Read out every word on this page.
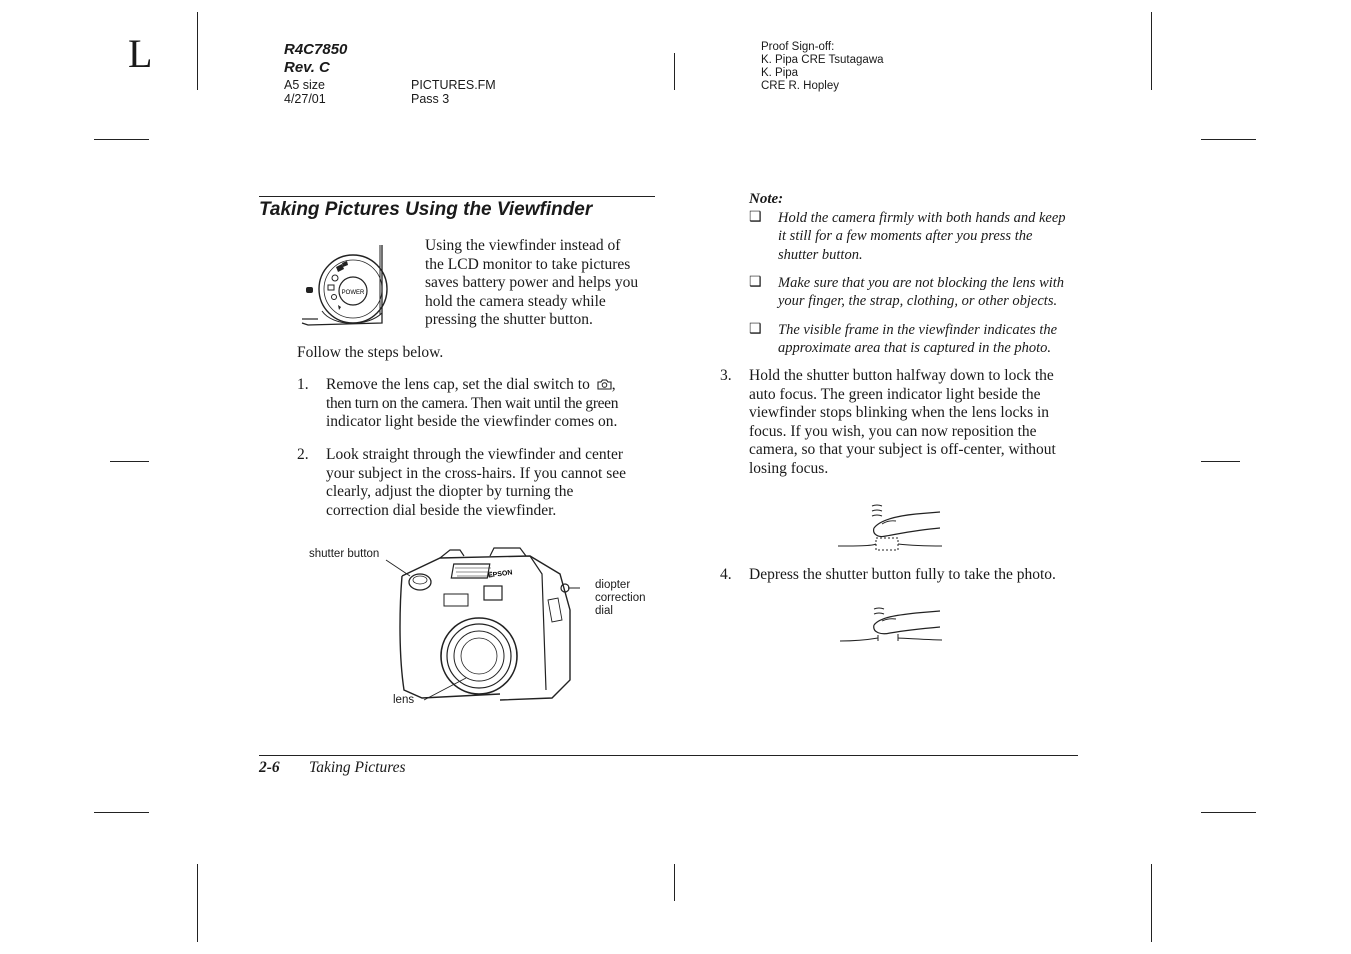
L	R4C7850
Rev. C
A5 size
4/27/01
PICTURES.FM
Pass 3
Proof Sign-off:
K. Pipa CRE Tsutagawa
K. Pipa
CRE R. Hopley
Taking Pictures Using the Viewfinder
POWER
Using the viewfinder instead of
the LCD monitor to take pictures
saves battery power and helps you
hold the camera steady while
pressing the shutter button.
Follow the steps below.
1. Remove the lens cap, set the dial switch to ,
then turn on the camera. Then wait until the green
indicator light beside the viewfinder comes on.
2. Look straight through the viewfinder and center
your subject in the cross-hairs. If you cannot see
clearly, adjust the diopter by turning the
correction dial beside the viewfinder.
EPSON
shutter button
diopter
correction
dial
lens
Note:
❑ Hold the camera firmly with both hands and keep
it still for a few moments after you press the
shutter button.
❑ Make sure that you are not blocking the lens with
your finger, the strap, clothing, or other objects.
❑ The visible frame in the viewfinder indicates the
approximate area that is captured in the photo.
3. Hold the shutter button halfway down to lock the
auto focus. The green indicator light beside the
viewfinder stops blinking when the lens locks in
focus. If you wish, you can now reposition the
camera, so that your subject is off-center, without
losing focus.
4. Depress the shutter button fully to take the photo.
2-6 Taking Pictures
